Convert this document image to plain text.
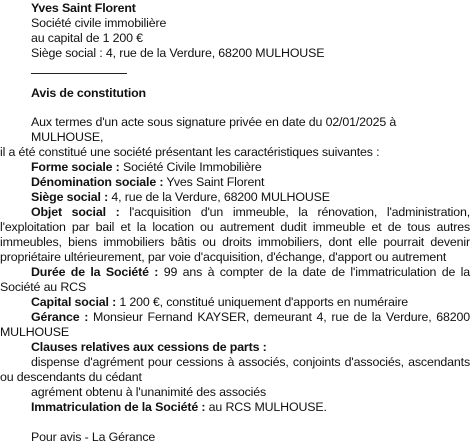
Yves Saint Florent
Société civile immobilière
au capital de 1 200 €
Siège social : 4, rue de la Verdure, 68200 MULHOUSE
Avis de constitution

Aux termes d'un acte sous signature privée en date du 02/01/2025 à MULHOUSE,

il a été constitué une société présentant les caractéristiques suivantes :

Forme sociale : Société Civile Immobilière

Dénomination sociale : Yves Saint Florent

Siège social : 4, rue de la Verdure, 68200 MULHOUSE

Objet social : l'acquisition d'un immeuble, la rénovation, l'administration, l'exploitation par bail et la location ou autrement dudit immeuble et de tous autres immeubles, biens immobiliers bâtis ou droits immobiliers, dont elle pourrait devenir propriétaire ultérieurement, par voie d'acquisition, d'échange, d'apport ou autrement

Durée de la Société : 99 ans à compter de la date de l'immatriculation de la Société au RCS

Capital social : 1 200 €, constitué uniquement d'apports en numéraire

Gérance : Monsieur Fernand KAYSER, demeurant 4, rue de la Verdure, 68200 MULHOUSE

Clauses relatives aux cessions de parts :

dispense d'agrément pour cessions à associés, conjoints d'associés, ascendants ou descendants du cédant

agrément obtenu à l'unanimité des associés

Immatriculation de la Société : au RCS MULHOUSE.

Pour avis - La Gérance
